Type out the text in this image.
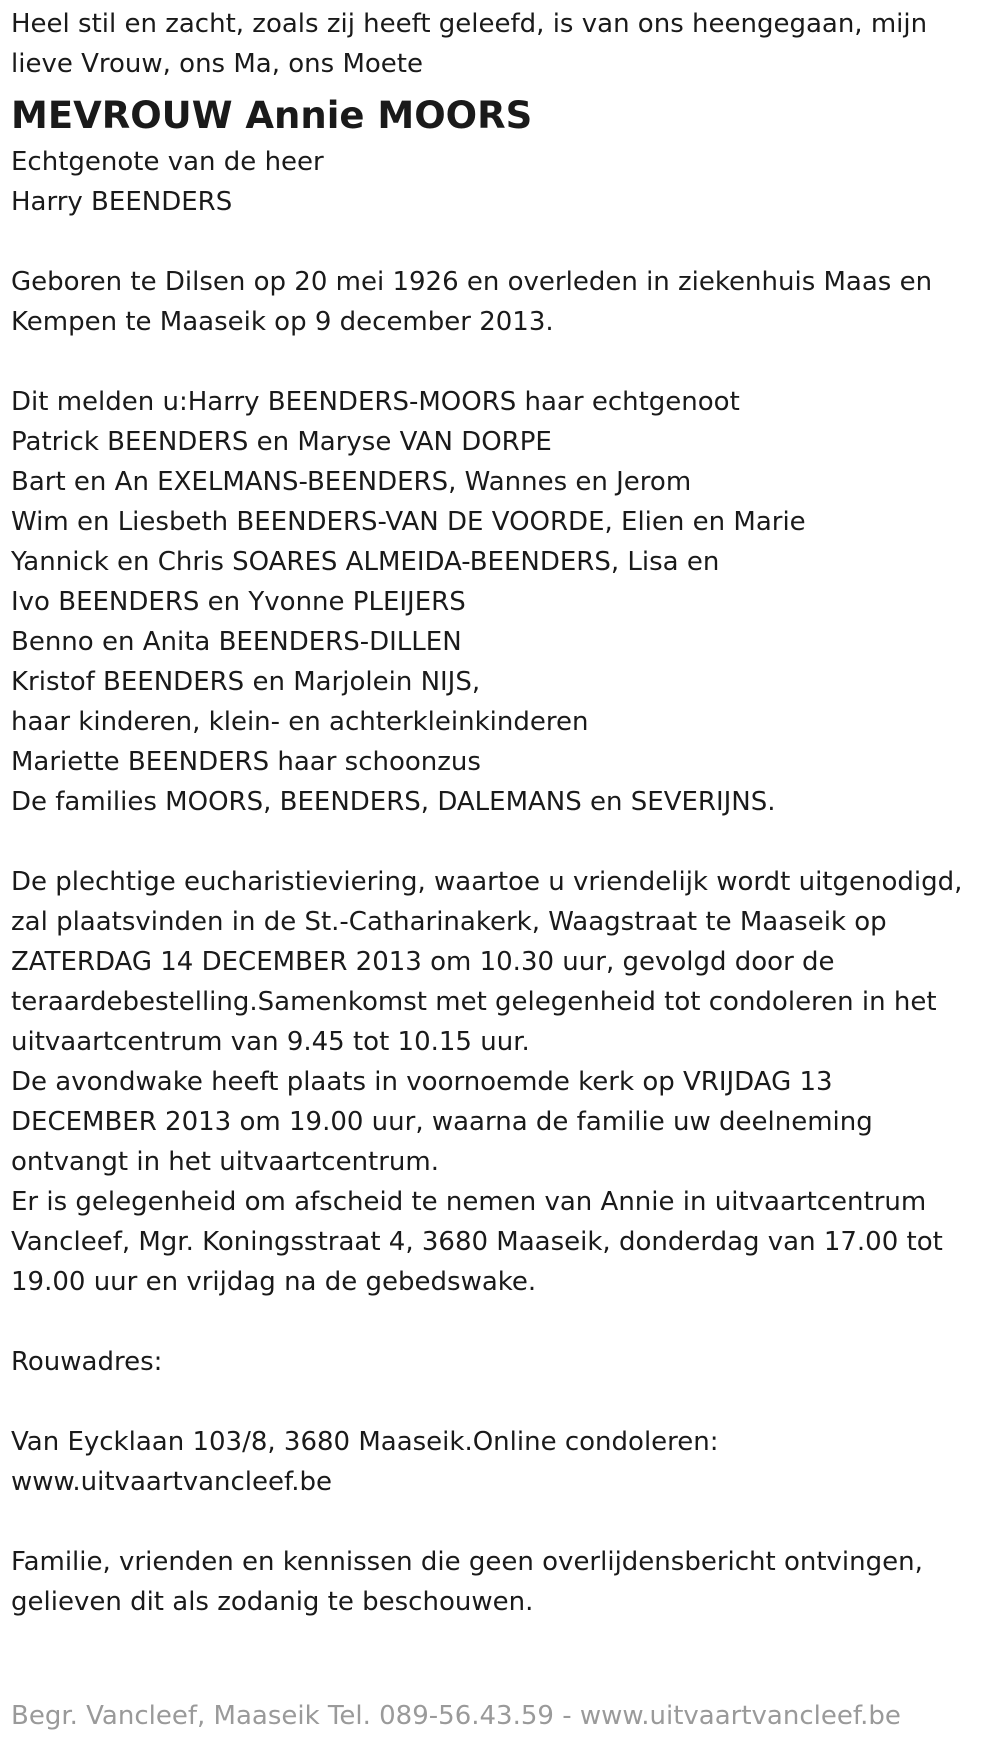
Heel stil en zacht, zoals zij heeft geleefd, is van ons heengegaan, mijn

lieve Vrouw, ons Ma, ons Moete

MEVROUW Annie MOORS

Echtgenote van de heer

Harry BEENDERS

Geboren te Dilsen op 20 mei 1926 en overleden in ziekenhuis Maas en

Kempen te Maaseik op 9 december 2013.

Dit melden u:Harry BEENDERS-MOORS haar echtgenoot

Patrick BEENDERS en Maryse VAN DORPE

Bart en An EXELMANS-BEENDERS, Wannes en Jerom

Wim en Liesbeth BEENDERS-VAN DE VOORDE, Elien en Marie

Yannick en Chris SOARES ALMEIDA-BEENDERS, Lisa en

Ivo BEENDERS en Yvonne PLEIJERS

Benno en Anita BEENDERS-DILLEN

Kristof BEENDERS en Marjolein NIJS,

haar kinderen, klein- en achterkleinkinderen

Mariette BEENDERS haar schoonzus

De families MOORS, BEENDERS, DALEMANS en SEVERIJNS.

De plechtige eucharistieviering, waartoe u vriendelijk wordt uitgenodigd,

zal plaatsvinden in de St.-Catharinakerk, Waagstraat te Maaseik op

ZATERDAG 14 DECEMBER 2013 om 10.30 uur, gevolgd door de

teraardebestelling.Samenkomst met gelegenheid tot condoleren in het

uitvaartcentrum van 9.45 tot 10.15 uur.

De avondwake heeft plaats in voornoemde kerk op VRIJDAG 13

DECEMBER 2013 om 19.00 uur, waarna de familie uw deelneming

ontvangt in het uitvaartcentrum.

Er is gelegenheid om afscheid te nemen van Annie in uitvaartcentrum

Vancleef, Mgr. Koningsstraat 4, 3680 Maaseik, donderdag van 17.00 tot

19.00 uur en vrijdag na de gebedswake.

Rouwadres:

Van Eycklaan 103/8, 3680 Maaseik.Online condoleren:

www.uitvaartvancleef.be

Familie, vrienden en kennissen die geen overlijdensbericht ontvingen,

gelieven dit als zodanig te beschouwen.

Begr. Vancleef, Maaseik Tel. 089-56.43.59 - www.uitvaartvancleef.be
